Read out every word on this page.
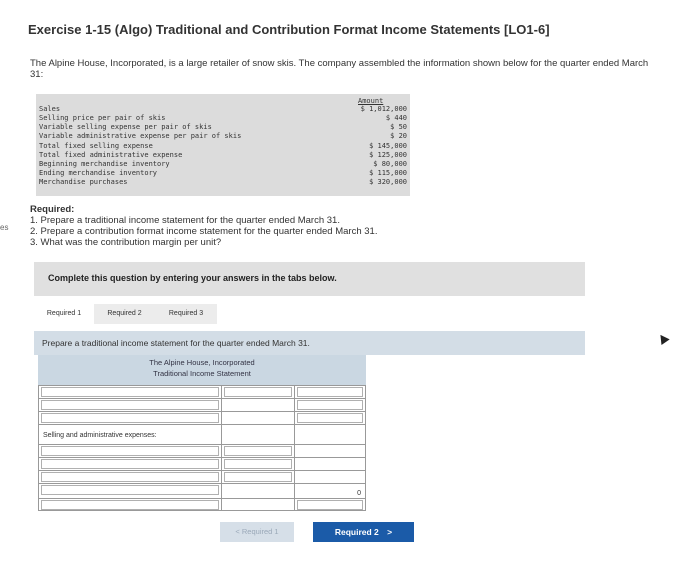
Exercise 1-15 (Algo) Traditional and Contribution Format Income Statements [LO1-6]
The Alpine House, Incorporated, is a large retailer of snow skis. The company assembled the information shown below for the quarter ended March 31:
es
Amount
Sales	$ 1,012,000
Selling price per pair of skis	$ 440
Variable selling expense per pair of skis	$ 50
Variable administrative expense per pair of skis	$ 20
Total fixed selling expense	$ 145,000
Total fixed administrative expense	$ 125,000
Beginning merchandise inventory	$ 80,000
Ending merchandise inventory	$ 115,000
Merchandise purchases	$ 320,000
Required:
1. Prepare a traditional income statement for the quarter ended March 31.
2. Prepare a contribution format income statement for the quarter ended March 31.
3. What was the contribution margin per unit?
Complete this question by entering your answers in the tabs below.
Required 1	Required 2	Required 3
Prepare a traditional income statement for the quarter ended March 31.
The Alpine House, Incorporated
Traditional Income Statement
Selling and administrative expenses:
0
< Required 1	Required 2 >
